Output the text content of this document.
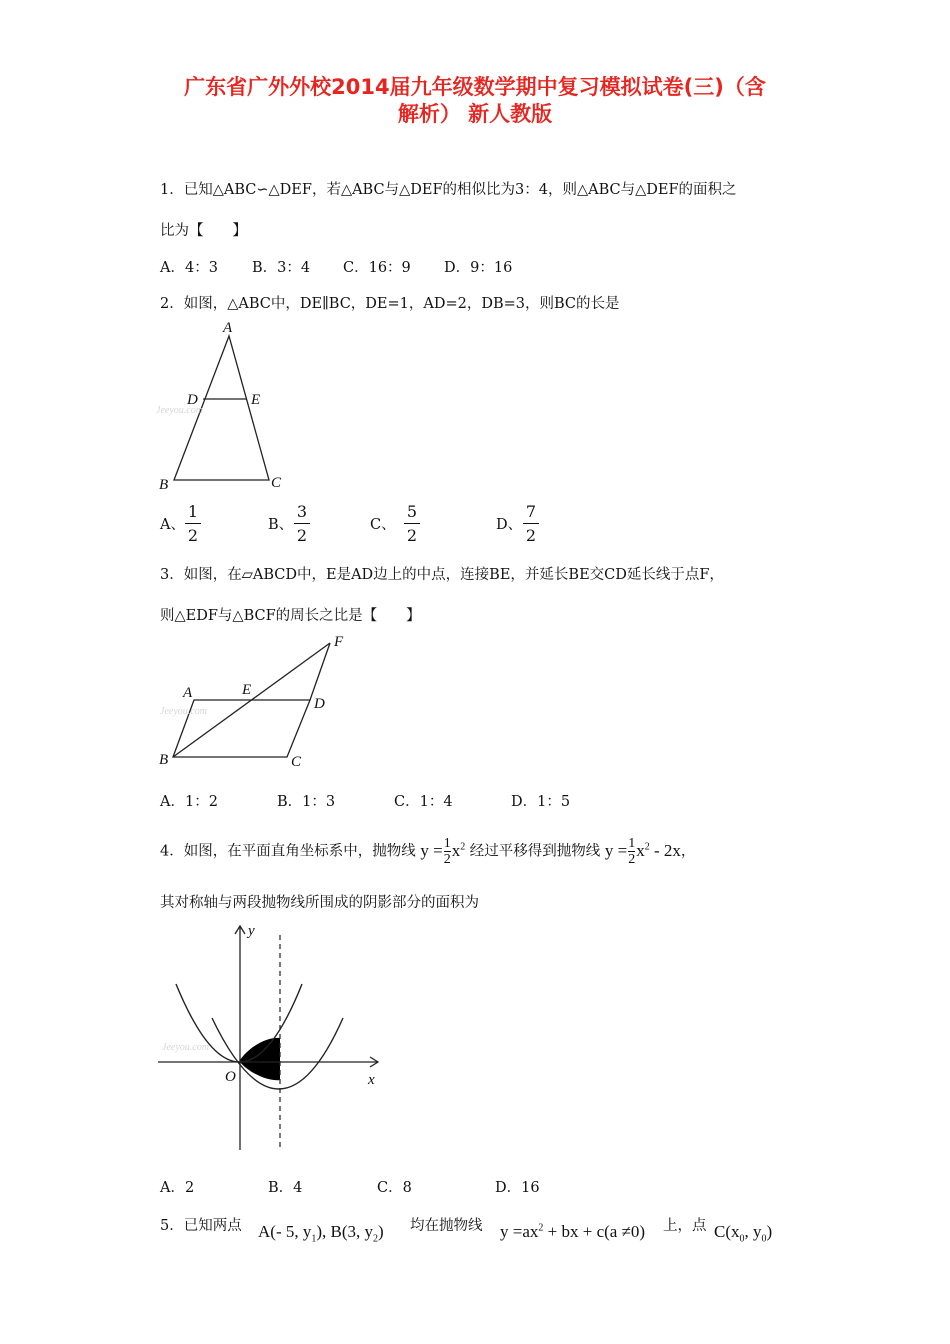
广东省广外外校2014届九年级数学期中复习模拟试卷(三)（含
解析） 新人教版
1．已知△ABC∽△DEF，若△ABC与△DEF的相似比为3：4，则△ABC与△DEF的面积之
比为【　　】
A．4：3 B．3：4 C．16：9 D．9：16
2．如图，△ABC中，DE∥BC，DE=1，AD=2，DB=3，则BC的长是
Jeeyou.com
A
D	E
B	C
A、
1
2
B、
3
2
C、
5
2
D、
7
2
3．如图，在▱ABCD中，E是AD边上的中点，连接BE，并延长BE交CD延长线于点F，
则△EDF与△BCF的周长之比是【　　】
Jeeyou.com
A	E
D
F
B	C
A．1：2	B．1：3	C．1：4	D．1：5
4．如图，在平面直角坐标系中，抛物线 $y = \frac{1}{2} x^2$ 经过平移得到抛物线 $y = \frac{1}{2} x^2 - 2x$，
其对称轴与两段抛物线所围成的阴影部分的面积为
Jeeyou.com
O	x
y
A．2	B．4	C．8	D．16
5．已知两点 A(- 5, $y_1$), B(3, $y_2$) 均在抛物线 $y =ax^2$ + bx + c(a ≠0) 上，点 $C(x_0$, $y_0$)
